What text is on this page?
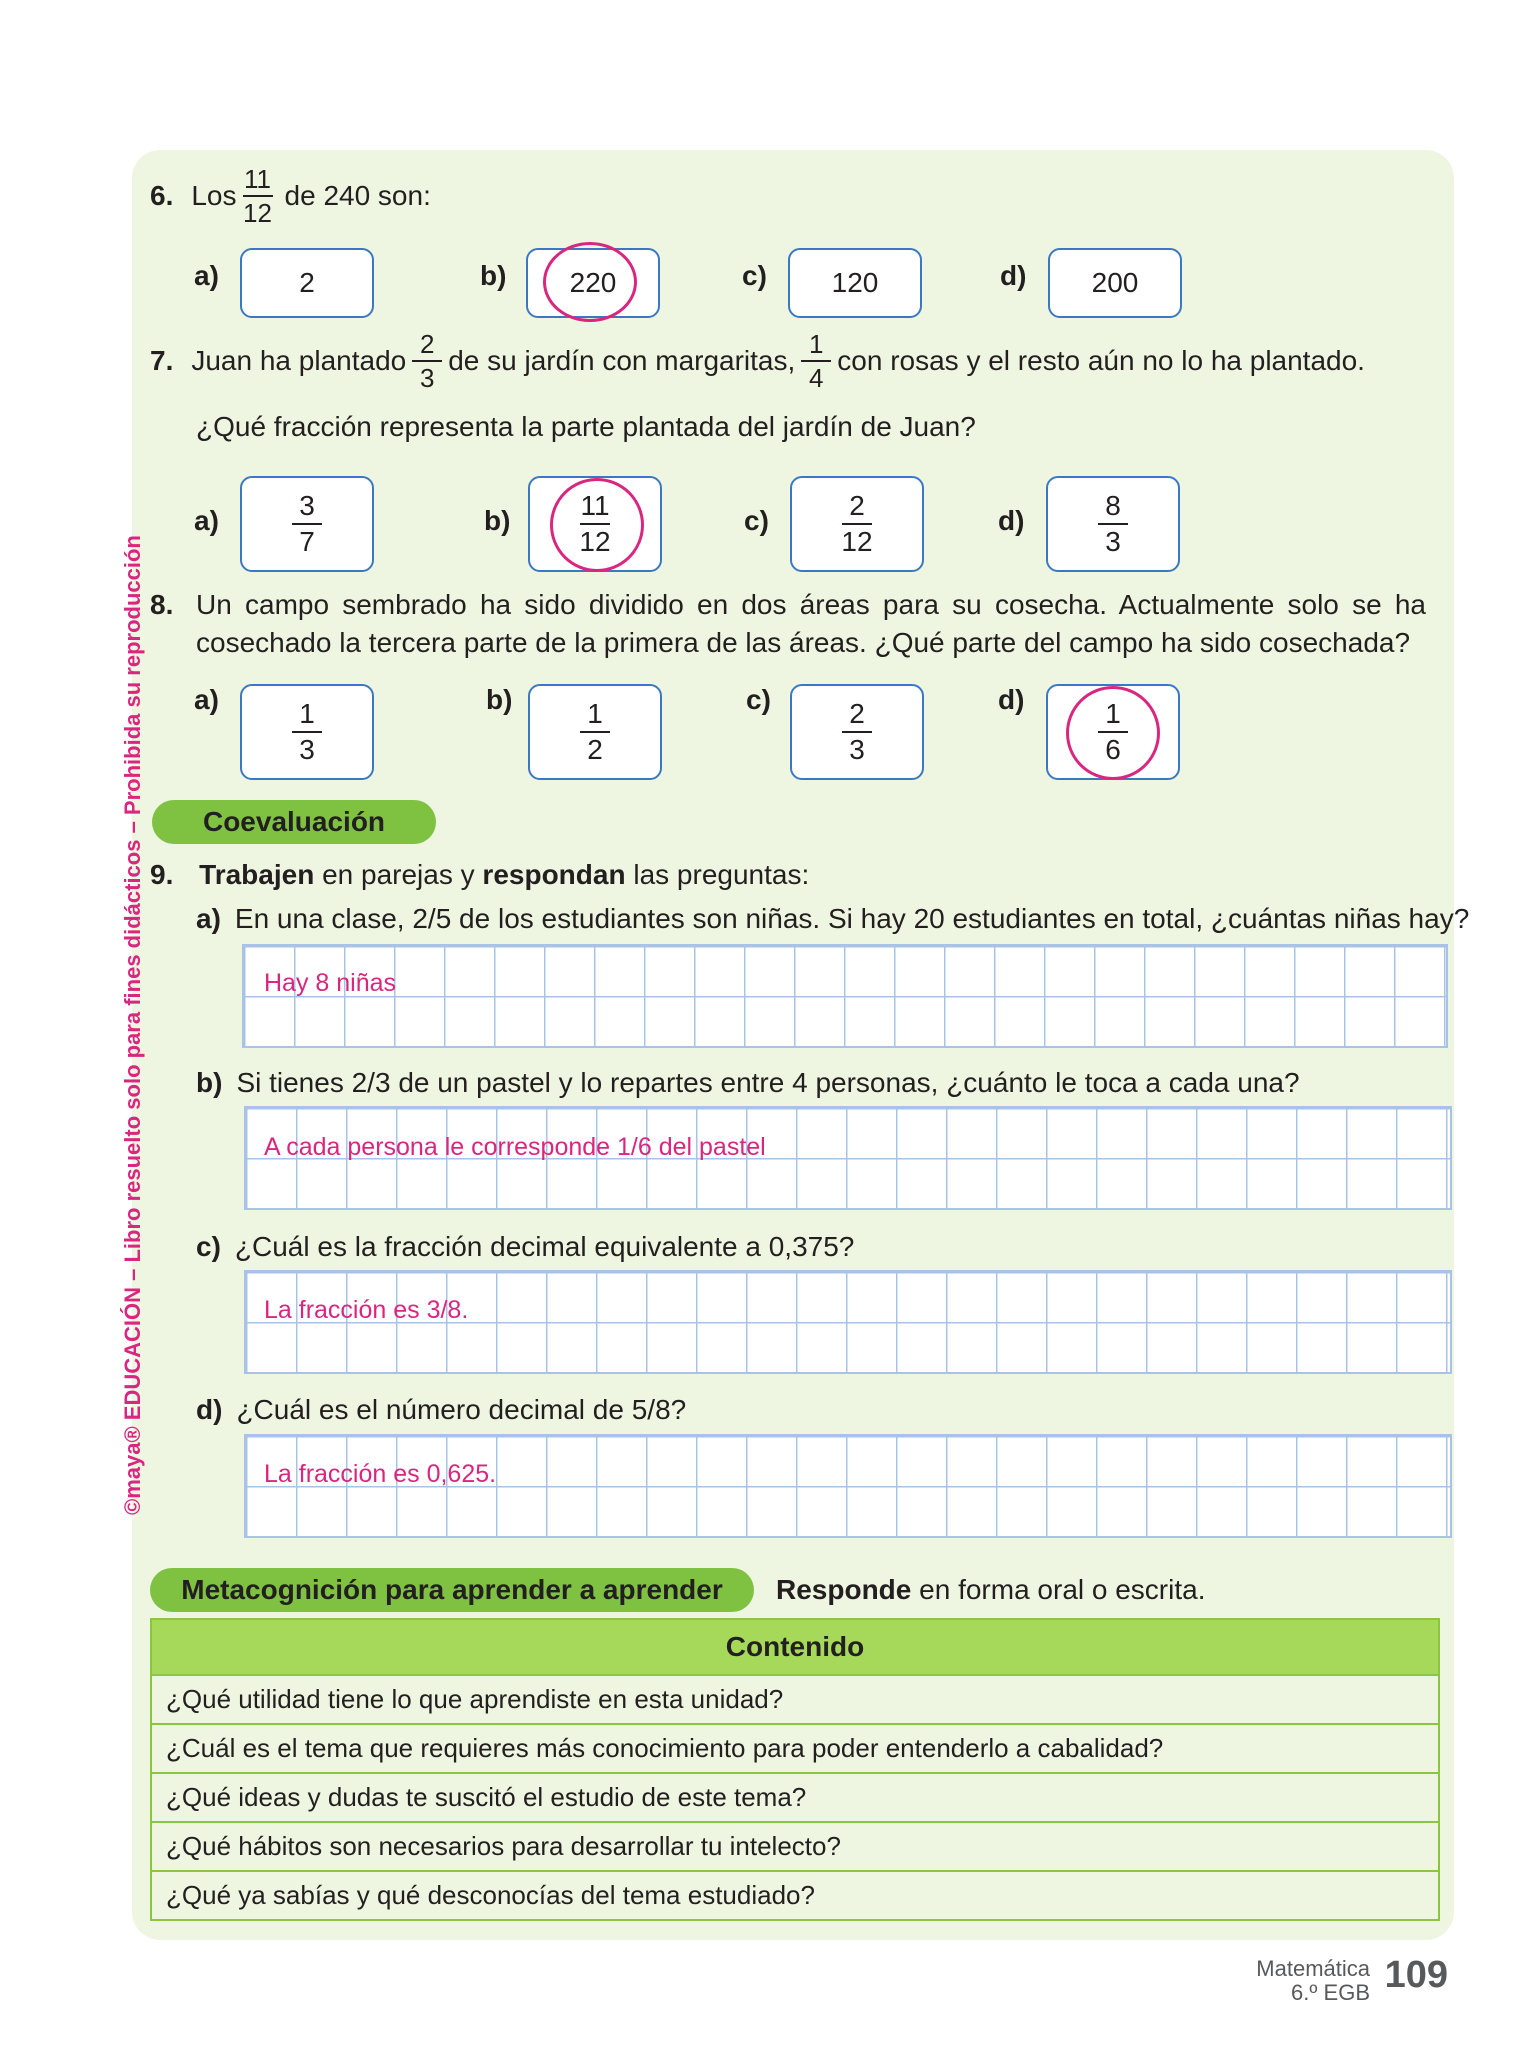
6. Los $\frac{11}{12}$ de 240 son:
a)	2	b) 220	c) 120	d) 200
7. Juan ha plantado $\frac{2}{3}$ de su jardín con margaritas, $\frac{1}{4}$ con rosas y el resto aún no lo ha plantado.
¿Qué fracción representa la parte plantada del jardín de Juan?
a)	$\frac{3}{7}$	$b) \frac{11}{12}$	c)	$\frac{2}{12}$	d)	$\frac{8}{3}$
8. Un campo sembrado ha sido dividido en dos áreas para su cosecha. Actualmente solo se ha
cosechado la tercera parte de la primera de las áreas. ¿Qué parte del campo ha sido cosechada?
a)	$\frac{1}{3}$	$b) \frac{1}{2}$	c)	$\frac{2}{3}$	d)	$\frac{1}{6}$
Coevaluación
9. Trabajen en parejas y respondan las preguntas:
a) En una clase, 2/5 de los estudiantes son niñas. Si hay 20 estudiantes en total, ¿cuántas niñas hay?
Hay 8 niñas
b) Si tienes 2/3 de un pastel y lo repartes entre 4 personas, ¿cuánto le toca a cada una?
A cada persona le corresponde 1/6 del pastel
c) ¿Cuál es la fracción decimal equivalente a 0,375?
La fracción es 3/8.
d) ¿Cuál es el número decimal de 5/8?
La fracción es 0,625.
Metacognición para aprender a aprender	Responde en forma oral o escrita.
Contenido
¿Qué utilidad tiene lo que aprendiste en esta unidad?
¿Cuál es el tema que requieres más conocimiento para poder entenderlo a cabalidad?
¿Qué ideas y dudas te suscitó el estudio de este tema?
¿Qué hábitos son necesarios para desarrollar tu intelecto?
¿Qué ya sabías y qué desconocías del tema estudiado?
©maya® EDUCACIÓN – Libro resuelto solo para fines didácticos – Prohibida su reproducción
Matemática
6.º EGB 109
